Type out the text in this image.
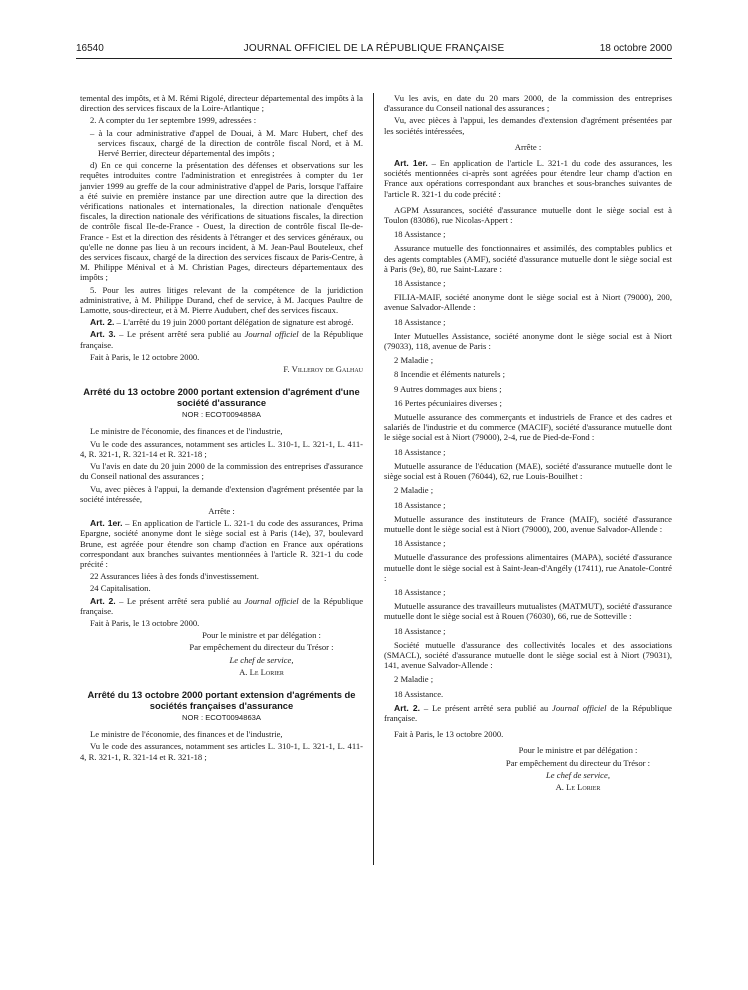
16540	JOURNAL OFFICIEL DE LA RÉPUBLIQUE FRANÇAISE	18 octobre 2000

temental des impôts, et à M. Rémi Rigolé, directeur départemental des impôts à la direction des services fiscaux de la Loire-Atlantique ;

2. A compter du 1er septembre 1999, adressées :

– à la cour administrative d'appel de Douai, à M. Marc Hubert, chef des services fiscaux, chargé de la direction de contrôle fiscal Nord, et à M. Hervé Berrier, directeur départemental des impôts ;

d) En ce qui concerne la présentation des défenses et observations sur les requêtes introduites contre l'administration et enregistrées à compter du 1er janvier 1999 au greffe de la cour administrative d'appel de Paris, lorsque l'affaire a été suivie en première instance par une direction autre que la direction des vérifications nationales et internationales, la direction nationale d'enquêtes fiscales, la direction nationale des vérifications de situations fiscales, la direction de contrôle fiscal Ile-de-France - Ouest, la direction de contrôle fiscal Ile-de-France - Est et la direction des résidents à l'étranger et des services généraux, ou qu'elle ne donne pas lieu à un recours incident, à M. Jean-Paul Bouteleux, chef des services fiscaux, chargé de la direction des services fiscaux de Paris-Centre, à M. Philippe Ménival et à M. Christian Pages, directeurs départementaux des impôts ;

5. Pour les autres litiges relevant de la compétence de la juridiction administrative, à M. Philippe Durand, chef de service, à M. Jacques Paultre de Lamotte, sous-directeur, et à M. Pierre Audubert, chef des services fiscaux.

Art. 2. – L'arrêté du 19 juin 2000 portant délégation de signature est abrogé.

Art. 3. – Le présent arrêté sera publié au Journal officiel de la République française.

Fait à Paris, le 12 octobre 2000.

F. Villeroy de Galhau

Arrêté du 13 octobre 2000 portant extension d'agrément d'une société d'assurance
NOR : ECOT0094858A

Le ministre de l'économie, des finances et de l'industrie,

Vu le code des assurances, notamment ses articles L. 310-1, L. 321-1, L. 411-4, R. 321-1, R. 321-14 et R. 321-18 ;

Vu l'avis en date du 20 juin 2000 de la commission des entreprises d'assurance du Conseil national des assurances ;

Vu, avec pièces à l'appui, la demande d'extension d'agrément présentée par la société intéressée,

Arrête :

Art. 1er. – En application de l'article L. 321-1 du code des assurances, Prima Epargne, société anonyme dont le siège social est à Paris (14e), 37, boulevard Brune, est agréée pour étendre son champ d'action en France aux opérations correspondant aux branches suivantes mentionnées à l'article R. 321-1 du code précité :

22 Assurances liées à des fonds d'investissement.

24 Capitalisation.

Art. 2. – Le présent arrêté sera publié au Journal officiel de la République française.

Fait à Paris, le 13 octobre 2000.

Pour le ministre et par délégation :

Par empêchement du directeur du Trésor :

Le chef de service,

A. Le Lorier

Arrêté du 13 octobre 2000 portant extension d'agréments de sociétés françaises d'assurance
NOR : ECOT0094863A

Le ministre de l'économie, des finances et de l'industrie,

Vu le code des assurances, notamment ses articles L. 310-1, L. 321-1, L. 411-4, R. 321-1, R. 321-14 et R. 321-18 ;

Vu les avis, en date du 20 mars 2000, de la commission des entreprises d'assurance du Conseil national des assurances ;

Vu, avec pièces à l'appui, les demandes d'extension d'agrément présentées par les sociétés intéressées,

Arrête :

Art. 1er. – En application de l'article L. 321-1 du code des assurances, les sociétés mentionnées ci-après sont agréées pour étendre leur champ d'action en France aux opérations correspondant aux branches et sous-branches suivantes de l'article R. 321-1 du code précité :

AGPM Assurances, société d'assurance mutuelle dont le siège social est à Toulon (83086), rue Nicolas-Appert :

18 Assistance ;

Assurance mutuelle des fonctionnaires et assimilés, des comptables publics et des agents comptables (AMF), société d'assurance mutuelle dont le siège social est à Paris (9e), 80, rue Saint-Lazare :

18 Assistance ;

FILIA-MAIF, société anonyme dont le siège social est à Niort (79000), 200, avenue Salvador-Allende :

18 Assistance ;

Inter Mutuelles Assistance, société anonyme dont le siège social est à Niort (79033), 118, avenue de Paris :

2 Maladie ;

8 Incendie et éléments naturels ;

9 Autres dommages aux biens ;

16 Pertes pécuniaires diverses ;

Mutuelle assurance des commerçants et industriels de France et des cadres et salariés de l'industrie et du commerce (MACIF), société d'assurance mutuelle dont le siège social est à Niort (79000), 2-4, rue de Pied-de-Fond :

18 Assistance ;

Mutuelle assurance de l'éducation (MAE), société d'assurance mutuelle dont le siège social est à Rouen (76044), 62, rue Louis-Bouilhet :

2 Maladie ;

18 Assistance ;

Mutuelle assurance des instituteurs de France (MAIF), société d'assurance mutuelle dont le siège social est à Niort (79000), 200, avenue Salvador-Allende :

18 Assistance ;

Mutuelle d'assurance des professions alimentaires (MAPA), société d'assurance mutuelle dont le siège social est à Saint-Jean-d'Angély (17411), rue Anatole-Contré :

18 Assistance ;

Mutuelle assurance des travailleurs mutualistes (MATMUT), société d'assurance mutuelle dont le siège social est à Rouen (76030), 66, rue de Sotteville :

18 Assistance ;

Société mutuelle d'assurance des collectivités locales et des associations (SMACL), société d'assurance mutuelle dont le siège social est à Niort (79031), 141, avenue Salvador-Allende :

2 Maladie ;

18 Assistance.

Art. 2. – Le présent arrêté sera publié au Journal officiel de la République française.

Fait à Paris, le 13 octobre 2000.

Pour le ministre et par délégation :

Par empêchement du directeur du Trésor :

Le chef de service,

A. Le Lorier
